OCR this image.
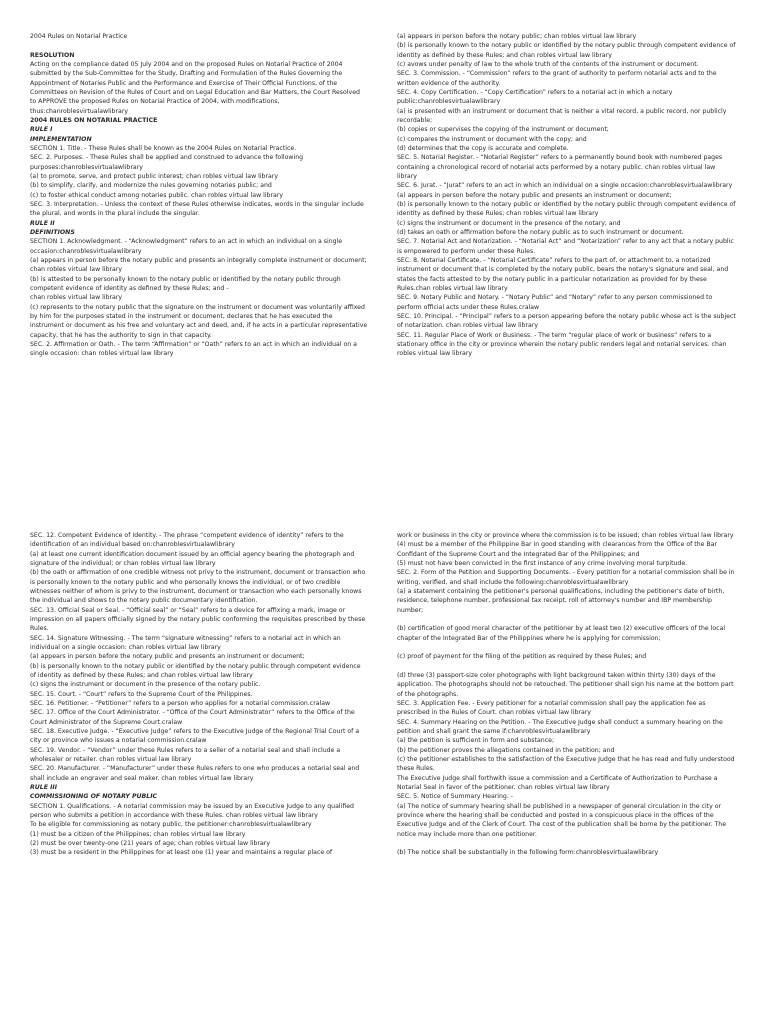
2004 Rules on Notarial Practice

RESOLUTION

Acting on the compliance dated 05 July 2004 and on the proposed Rules on Notarial Practice of 2004 submitted by the Sub-Committee for the Study, Drafting and Formulation of the Rules Governing the Appointment of Notaries Public and the Performance and Exercise of Their Official Functions, of the Committees on Revision of the Rules of Court and on Legal Education and Bar Matters, the Court Resolved to APPROVE the proposed Rules on Notarial Practice of 2004, with modifications, thus:chanroblesvirtualawlibrary

2004 RULES ON NOTARIAL PRACTICE

RULE I

IMPLEMENTATION

SECTION 1. Title. - These Rules shall be known as the 2004 Rules on Notarial Practice.

SEC. 2. Purposes. - These Rules shall be applied and construed to advance the following purposes:chanroblesvirtualawlibrary

(a) to promote, serve, and protect public interest; chan robles virtual law library

(b) to simplify, clarify, and modernize the rules governing notaries public; and

(c) to foster ethical conduct among notaries public. chan robles virtual law library

SEC. 3. Interpretation. - Unless the context of these Rules otherwise indicates, words in the singular include the plural, and words in the plural include the singular.

RULE II

DEFINITIONS

SECTION 1. Acknowledgment. - “Acknowledgment” refers to an act in which an individual on a single occasion:chanroblesvirtualawlibrary

(a) appears in person before the notary public and presents an integrally complete instrument or document;

chan robles virtual law library

(b) is attested to be personally known to the notary public or identified by the notary public through competent evidence of identity as defined by these Rules; and -

chan robles virtual law library

(c) represents to the notary public that the signature on the instrument or document was voluntarily affixed by him for the purposes stated in the instrument or document, declares that he has executed the instrument or document as his free and voluntary act and deed, and, if he acts in a particular representative capacity, that he has the authority to sign in that capacity.

SEC. 2. Affirmation or Oath. - The term “Affirmation” or “Oath” refers to an act in which an individual on a single occasion: chan robles virtual law library

(a) appears in person before the notary public; chan robles virtual law library

(b) is personally known to the notary public or identified by the notary public through competent evidence of identity as defined by these Rules; and chan robles virtual law library

(c) avows under penalty of law to the whole truth of the contents of the instrument or document.

SEC. 3. Commission. - “Commission” refers to the grant of authority to perform notarial acts and to the written evidence of the authority.

SEC. 4. Copy Certification. - “Copy Certification” refers to a notarial act in which a notary public:chanroblesvirtualawlibrary

(a) is presented with an instrument or document that is neither a vital record, a public record, nor publicly recordable;

(b) copies or supervises the copying of the instrument or document;

(c) compares the instrument or document with the copy; and

(d) determines that the copy is accurate and complete.

SEC. 5. Notarial Register. - “Notarial Register” refers to a permanently bound book with numbered pages containing a chronological record of notarial acts performed by a notary public. chan robles virtual law library

SEC. 6. Jurat. - “Jurat” refers to an act in which an individual on a single occasion:chanroblesvirtualawlibrary

(a) appears in person before the notary public and presents an instrument or document;

(b) is personally known to the notary public or identified by the notary public through competent evidence of identity as defined by these Rules; chan robles virtual law library

(c) signs the instrument or document in the presence of the notary; and

(d) takes an oath or affirmation before the notary public as to such instrument or document.

SEC. 7. Notarial Act and Notarization. - “Notarial Act” and “Notarization” refer to any act that a notary public is empowered to perform under these Rules.

SEC. 8. Notarial Certificate. - “Notarial Certificate” refers to the part of, or attachment to, a notarized instrument or document that is completed by the notary public, bears the notary's signature and seal, and states the facts attested to by the notary public in a particular notarization as provided for by these Rules.chan robles virtual law library

SEC. 9. Notary Public and Notary. - “Notary Public” and “Notary” refer to any person commissioned to perform official acts under these Rules.cralaw

SEC. 10. Principal. - “Principal” refers to a person appearing before the notary public whose act is the subject of notarization. chan robles virtual law library

SEC. 11. Regular Place of Work or Business. - The term “regular place of work or business” refers to a stationary office in the city or province wherein the notary public renders legal and notarial services. chan robles virtual law library

SEC. 12. Competent Evidence of Identity. - The phrase “competent evidence of identity” refers to the identification of an individual based on:chanroblesvirtualawlibrary

(a) at least one current identification document issued by an official agency bearing the photograph and signature of the individual; or chan robles virtual law library

(b) the oath or affirmation of one credible witness not privy to the instrument, document or transaction who is personally known to the notary public and who personally knows the individual, or of two credible witnesses neither of whom is privy to the instrument, document or transaction who each personally knows the individual and shows to the notary public documentary identification.

SEC. 13. Official Seal or Seal. - “Official seal” or “Seal” refers to a device for affixing a mark, image or impression on all papers officially signed by the notary public conforming the requisites prescribed by these Rules.

SEC. 14. Signature Witnessing. - The term “signature witnessing” refers to a notarial act in which an individual on a single occasion: chan robles virtual law library

(a) appears in person before the notary public and presents an instrument or document;

(b) is personally known to the notary public or identified by the notary public through competent evidence of identity as defined by these Rules; and chan robles virtual law library

(c) signs the instrument or document in the presence of the notary public.

SEC. 15. Court. - “Court” refers to the Supreme Court of the Philippines.

SEC. 16. Petitioner. - “Petitioner” refers to a person who applies for a notarial commission.cralaw

SEC. 17. Office of the Court Administrator. - “Office of the Court Administrator” refers to the Office of the Court Administrator of the Supreme Court.cralaw

SEC. 18. Executive Judge. - “Executive Judge” refers to the Executive Judge of the Regional Trial Court of a city or province who issues a notarial commission.cralaw

SEC. 19. Vendor. - “Vendor” under these Rules refers to a seller of a notarial seal and shall include a wholesaler or retailer. chan robles virtual law library

SEC. 20. Manufacturer. - “Manufacturer” under these Rules refers to one who produces a notarial seal and shall include an engraver and seal maker. chan robles virtual law library

RULE III

COMMISSIONING OF NOTARY PUBLIC

SECTION 1. Qualifications. - A notarial commission may be issued by an Executive Judge to any qualified person who submits a petition in accordance with these Rules. chan robles virtual law library

To be eligible for commissioning as notary public, the petitioner:chanroblesvirtualawlibrary

(1) must be a citizen of the Philippines; chan robles virtual law library

(2) must be over twenty-one (21) years of age; chan robles virtual law library

(3) must be a resident in the Philippines for at least one (1) year and maintains a regular place of

work or business in the city or province where the commission is to be issued; chan robles virtual law library

(4) must be a member of the Philippine Bar in good standing with clearances from the Office of the Bar Confidant of the Supreme Court and the Integrated Bar of the Philippines; and

(5) must not have been convicted in the first instance of any crime involving moral turpitude.

SEC. 2. Form of the Petition and Supporting Documents. - Every petition for a notarial commission shall be in writing, verified, and shall include the following:chanroblesvirtualawlibrary

(a) a statement containing the petitioner's personal qualifications, including the petitioner's date of birth, residence, telephone number, professional tax receipt, roll of attorney's number and IBP membership number;

(b) certification of good moral character of the petitioner by at least two (2) executive officers of the local chapter of the Integrated Bar of the Philippines where he is applying for commission;

(c) proof of payment for the filing of the petition as required by these Rules; and

(d) three (3) passport-size color photographs with light background taken within thirty (30) days of the application. The photographs should not be retouched. The petitioner shall sign his name at the bottom part of the photographs.

SEC. 3. Application Fee. - Every petitioner for a notarial commission shall pay the application fee as prescribed in the Rules of Court. chan robles virtual law library

SEC. 4. Summary Hearing on the Petition. - The Executive Judge shall conduct a summary hearing on the petition and shall grant the same if:chanroblesvirtualawlibrary

(a) the petition is sufficient in form and substance;

(b) the petitioner proves the allegations contained in the petition; and

(c) the petitioner establishes to the satisfaction of the Executive Judge that he has read and fully understood these Rules.

The Executive Judge shall forthwith issue a commission and a Certificate of Authorization to Purchase a Notarial Seal in favor of the petitioner. chan robles virtual law library

SEC. 5. Notice of Summary Hearing. -

(a) The notice of summary hearing shall be published in a newspaper of general circulation in the city or province where the hearing shall be conducted and posted in a conspicuous place in the offices of the Executive Judge and of the Clerk of Court. The cost of the publication shall be borne by the petitioner. The notice may include more than one petitioner.

(b) The notice shall be substantially in the following form:chanroblesvirtualawlibrary
